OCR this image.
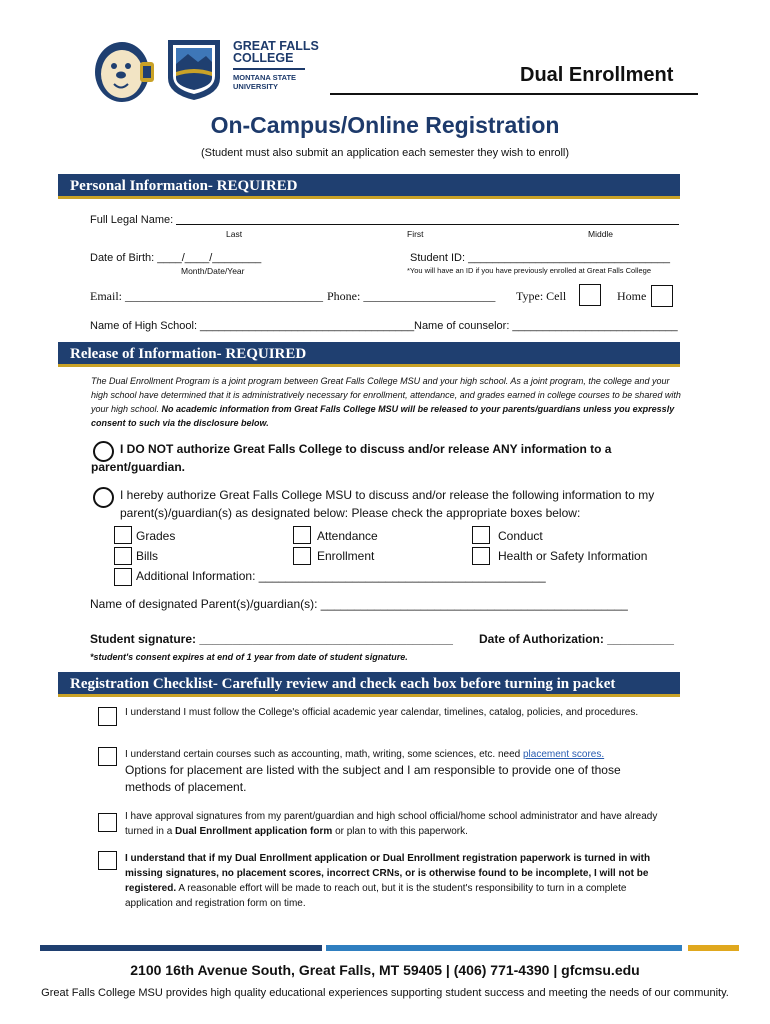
GREAT FALLS
COLLEGE
MONTANA STATE
UNIVERSITY
Dual Enrollment
On-Campus/Online Registration
(Student must also submit an application each semester they wish to enroll)
Personal Information- REQUIRED
Full Legal Name:
Last	First	Middle
Date of Birth: ____/____/________
Month/Date/Year
Student ID: _________________________________
*You will have an ID if you have previously enrolled at Great Falls College
Email: _________________________________ Phone: ______________________ Type: Cell	Home
Name of High School: ___________________________________ Name of counselor: ___________________________
Release of Information- REQUIRED
The Dual Enrollment Program is a joint program between Great Falls College MSU and your high school. As a joint program, the college and your high school have determined that it is administratively necessary for enrollment, attendance, and grades earned in college courses to be shared with your high school. No academic information from Great Falls College MSU will be released to your parents/guardians unless you expressly consent to such via the disclosure below.
I DO NOT authorize Great Falls College to discuss and/or release ANY information to a parent/guardian.
I hereby authorize Great Falls College MSU to discuss and/or release the following information to my parent(s)/guardian(s) as designated below: Please check the appropriate boxes below:
Grades	Attendance	Conduct
Bills	Enrollment	Health or Safety Information
Additional Information: ___________________________________________
Name of designated Parent(s)/guardian(s): ______________________________________________
Student signature: ______________________________________ Date of Authorization: __________
*student's consent expires at end of 1 year from date of student signature.
Registration Checklist- Carefully review and check each box before turning in packet
I understand I must follow the College's official academic year calendar, timelines, catalog, policies, and procedures.
I understand certain courses such as accounting, math, writing, some sciences, etc. need placement scores.
Options for placement are listed with the subject and I am responsible to provide one of those methods of placement.
I have approval signatures from my parent/guardian and high school official/home school administrator and have already turned in a Dual Enrollment application form or plan to with this paperwork.
I understand that if my Dual Enrollment application or Dual Enrollment registration paperwork is turned in with missing signatures, no placement scores, incorrect CRNs, or is otherwise found to be incomplete, I will not be registered. A reasonable effort will be made to reach out, but it is the student's responsibility to turn in a complete application and registration form on time.
2100 16th Avenue South, Great Falls, MT 59405 | (406) 771-4390 | gfcmsu.edu
Great Falls College MSU provides high quality educational experiences supporting student success and meeting the needs of our community.
